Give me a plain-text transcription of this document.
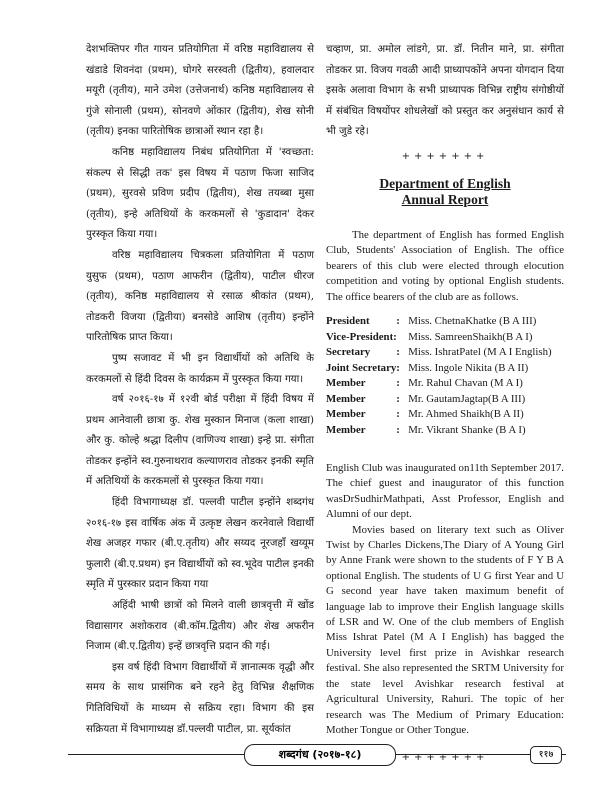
देशभक्तिपर गीत गायन प्रतियोगिता में वरिष्ठ महाविद्यालय से खंडाडे शिवनंदा (प्रथम), घोगरे सरस्वती (द्वितीय), हवालदार मयूरी (तृतीय), माने उमेश (उत्तेजनार्थ) कनिष्ठ महाविद्यालय से गुंजे सोनाली (प्रथम), सोनवणे ओंकार (द्वितीय), शेख सोनी (तृतीय) इनका पारितोषिक छात्राओं स्थान रहा है।

कनिष्ठ महाविद्यालय निबंध प्रतियोगिता में 'स्वच्छता: संकल्प से सिद्धी तक' इस विषय में पठाण फिजा साजिद (प्रथम), सुरवसे प्रविण प्रदीप (द्वितीय), शेख तयब्बा मुसा (तृतीय), इन्हे अतिथियों के करकमलों से 'कुडादान' देकर पुरस्कृत किया गया।

वरिष्ठ महाविद्यालय चित्रकला प्रतियोगिता में पठाण युसुफ (प्रथम), पठाण आफरीन (द्वितीय), पाटील धीरज (तृतीय), कनिष्ठ महाविद्यालय से रसाळ श्रीकांत (प्रथम), तोडकरी विजया (द्वितीया) बनसोडे आशिष (तृतीय) इन्होंने पारितोषिक प्राप्त किया।

पुष्प सजावट में भी इन विद्यार्थीयों को अतिथि के करकमलों से हिंदी दिवस के कार्यक्रम में पुरस्कृत किया गया।

वर्ष २०१६-१७ में १२वी बोर्ड परीक्षा में हिंदी विषय में प्रथम आनेवाली छात्रा कु. शेख मुस्कान मिनाज (कला शाखा) और कु. कोल्हे श्रद्धा दिलीप (वाणिज्य शाखा) इन्हे प्रा. संगीता तोडकर इन्होंने स्व.गुरुनाथराव कल्याणराव तोडकर इनकी स्मृति में अतिथियों के करकमलों से पुरस्कृत किया गया।

हिंदी विभागाध्यक्ष डॉ. पल्लवी पाटील इन्होंने शब्दगंध २०१६-१७ इस वार्षिक अंक में उत्कृष्ट लेखन करनेवाले विद्यार्थी शेख अजहर गफार (बी.ए.तृतीय) और सय्यद नूरजहाँ खय्यूम फुलारी (बी.ए.प्रथम) इन विद्यार्थीयों को स्व.भूदेव पाटील इनकी स्मृति में पुरस्कार प्रदान किया गया

अहिंदी भाषी छात्रों को मिलने वाली छात्रवृत्ती में खोंड विद्यासागर अशोकराव (बी.कॉम.द्वितीय) और शेख अफरीन निजाम (बी.ए.द्वितीय) इन्हें छात्रवृत्ति प्रदान की गई।

इस वर्ष हिंदी विभाग विद्यार्थीयों में ज्ञानात्मक वृद्धी और समय के साथ प्रासंगिक बने रहने हेतु विभिन्न शैक्षणिक गितिविधियों के माध्यम से सक्रिय रहा। विभाग की इस सक्रियता में विभागाध्यक्ष डॉ.पल्लवी पाटील, प्रा. सूर्यकांत

चव्हाण, प्रा. अमोल लांडगे, प्रा. डॉ. नितीन माने, प्रा. संगीता तोडकर प्रा. विजय गवळी आदी प्राध्यापकोंने अपना योगदान दिया इसके अलावा विभाग के सभी प्राध्यापक विभिन्न राष्ट्रीय संगोष्ठीयों में संबंधित विषयोंपर शोधलेखों को प्रस्तुत कर अनुसंधान कार्य से भी जुडे रहे।

+++++++
Department of English
Annual Report

The department of English has formed English Club, Students' Association of English. The office bearers of this club were elected through elocution competition and voting by optional English students. The office bearers of the club are as follows.

President	:	Miss. ChetnaKhatke (B A III)
Vice-President:		Miss. SamreenShaikh(B A I)
Secretary	:	Miss. IshratPatel (M A I English)
Joint Secretary	:	Miss. Ingole Nikita (B A II)
Member	:	Mr. Rahul Chavan (M A I)
Member	:	Mr. GautamJagtap(B A III)
Member	:	Mr. Ahmed Shaikh(B A II)
Member	:	Mr. Vikrant Shanke (B A I)

English Club was inaugurated on11th September 2017. The chief guest and inaugurator of this function wasDrSudhirMathpati, Asst Professor, English and Alumni of our dept.

Movies based on literary text such as Oliver Twist by Charles Dickens,The Diary of A Young Girl by Anne Frank were shown to the students of F Y B A optional English. The students of U G first Year and U G second year have taken maximum benefit of language lab to improve their English language skills of LSR and W. One of the club members of English Miss Ishrat Patel (M A I English) has bagged the University level first prize in Avishkar research festival. She also represented the SRTM University for the state level Avishkar research festival at Agricultural University, Rahuri. The topic of her research was The Medium of Primary Education: Mother Tongue or Other Tongue.

+++++++
शब्दगंध (२०१७-१८)	११७
